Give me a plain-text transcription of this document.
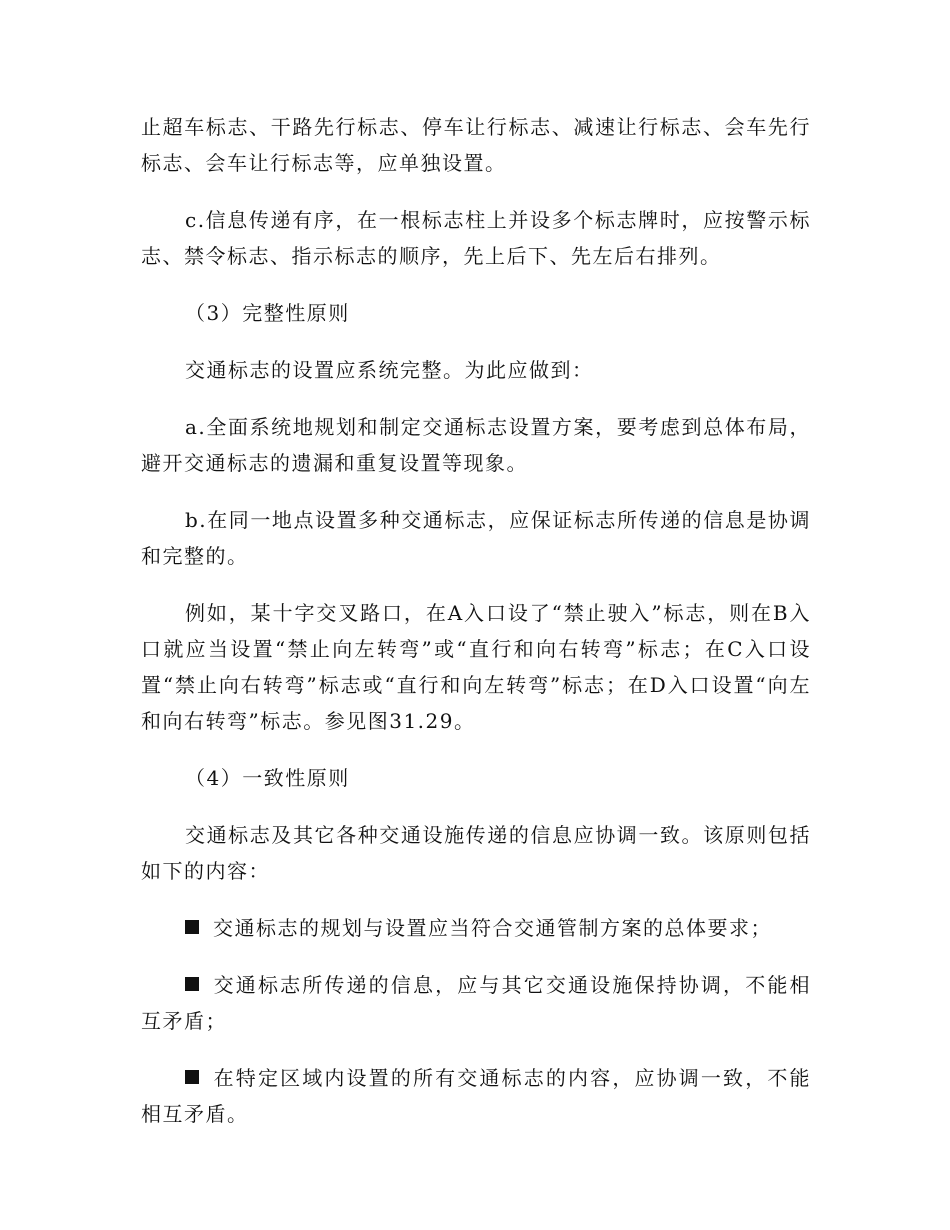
止超车标志、干路先行标志、停车让行标志、减速让行标志、会车先行标志、会车让行标志等，应单独设置。

c.信息传递有序，在一根标志柱上并设多个标志牌时，应按警示标志、禁令标志、指示标志的顺序，先上后下、先左后右排列。

（3）完整性原则

交通标志的设置应系统完整。为此应做到：

a.全面系统地规划和制定交通标志设置方案，要考虑到总体布局，避开交通标志的遗漏和重复设置等现象。

b.在同一地点设置多种交通标志，应保证标志所传递的信息是协调和完整的。

例如，某十字交叉路口，在A入口设了“禁止驶入”标志，则在B入口就应当设置“禁止向左转弯”或“直行和向右转弯”标志；在C入口设置“禁止向右转弯”标志或“直行和向左转弯”标志；在D入口设置“向左和向右转弯”标志。参见图31.29。

（4）一致性原则

交通标志及其它各种交通设施传递的信息应协调一致。该原则包括如下的内容：

交通标志的规划与设置应当符合交通管制方案的总体要求；

交通标志所传递的信息，应与其它交通设施保持协调，不能相互矛盾；

在特定区域内设置的所有交通标志的内容，应协调一致，不能相互矛盾。
